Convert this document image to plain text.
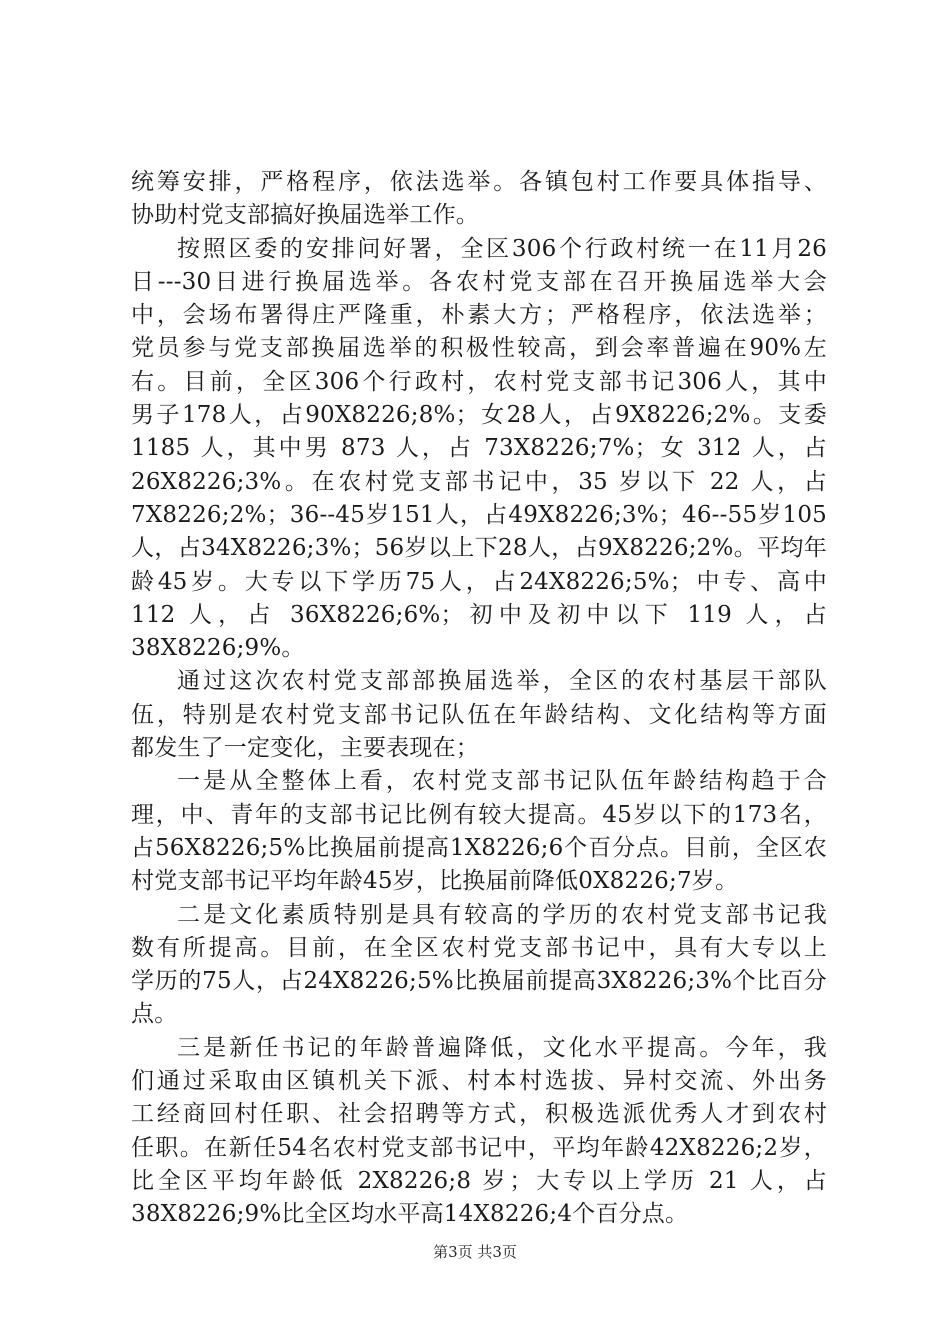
统筹安排，严格程序，依法选举。各镇包村工作要具体指导、
协助村党支部搞好换届选举工作。
按照区委的安排问好署，全区306个行政村统一在11月26
日---30日进行换届选举。各农村党支部在召开换届选举大会
中，会场布署得庄严隆重，朴素大方；严格程序，依法选举；
党员参与党支部换届选举的积极性较高，到会率普遍在90%左
右。目前，全区306个行政村，农村党支部书记306人，其中
男子178人，占90X8226;8%；女28人，占9X8226;2%。支委
1185 人，其中男 873 人，占 73X8226;7%；女 312 人，占
26X8226;3%。在农村党支部书记中，35 岁以下 22 人，占
7X8226;2%；36--45岁151人，占49X8226;3%；46--55岁105
人，占34X8226;3%；56岁以上下28人，占9X8226;2%。平均年
龄45岁。大专以下学历75人，占24X8226;5%；中专、高中
112 人，占 36X8226;6%；初中及初中以下 119 人，占
38X8226;9%。
通过这次农村党支部部换届选举，全区的农村基层干部队
伍，特别是农村党支部书记队伍在年龄结构、文化结构等方面
都发生了一定变化，主要表现在；
一是从全整体上看，农村党支部书记队伍年龄结构趋于合
理，中、青年的支部书记比例有较大提高。45岁以下的173名，
占56X8226;5%比换届前提高1X8226;6个百分点。目前，全区农
村党支部书记平均年龄45岁，比换届前降低0X8226;7岁。
二是文化素质特别是具有较高的学历的农村党支部书记我
数有所提高。目前，在全区农村党支部书记中，具有大专以上
学历的75人，占24X8226;5%比换届前提高3X8226;3%个比百分
点。
三是新任书记的年龄普遍降低，文化水平提高。今年，我
们通过采取由区镇机关下派、村本村选拔、异村交流、外出务
工经商回村任职、社会招聘等方式，积极选派优秀人才到农村
任职。在新任54名农村党支部书记中，平均年龄42X8226;2岁，
比全区平均年龄低 2X8226;8 岁；大专以上学历 21 人，占
38X8226;9%比全区均水平高14X8226;4个百分点。
第3页 共3页
